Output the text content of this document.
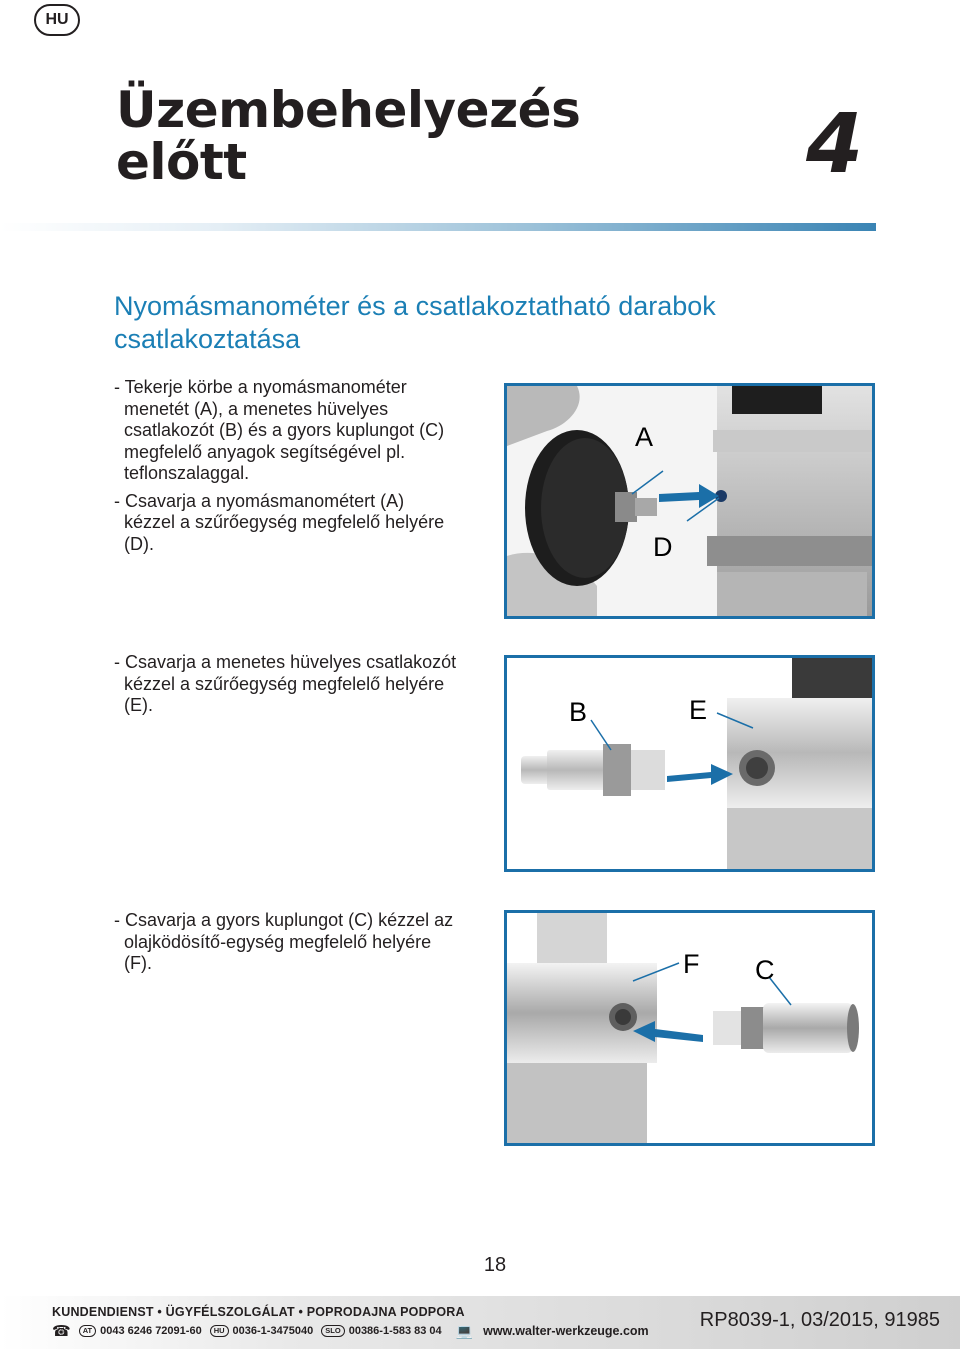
HU
Üzembehelyezés
előtt	4
Nyomásmanométer és a csatlakoztatható darabok
csatlakoztatása

- Tekerje körbe a nyomásmanométer
menetét (A), a menetes hüvelyes
csatlakozót (B) és a gyors kuplungot (C)
megfelelő anyagok segítségével pl.
teflonszalaggal.

- Csavarja a nyomásmanométert (A)
kézzel a szűrőegység megfelelő helyére
(D).

A
D

- Csavarja a menetes hüvelyes csatlakozót
kézzel a szűrőegység megfelelő helyére
(E).	B	E

- Csavarja a gyors kuplungot (C) kézzel az
olajködösítő-egység megfelelő helyére
(F).	F C
18
KUNDENDIENST • ÜGYFÉLSZOLGÁLAT • POPRODAJNA PODPORA
☎	AT 0043 6246 72091-60	HU 0036-1-3475040	SLO 00386-1-583 83 04 💻 www.walter-werkzeuge.com	RP8039-1, 03/2015, 91985
